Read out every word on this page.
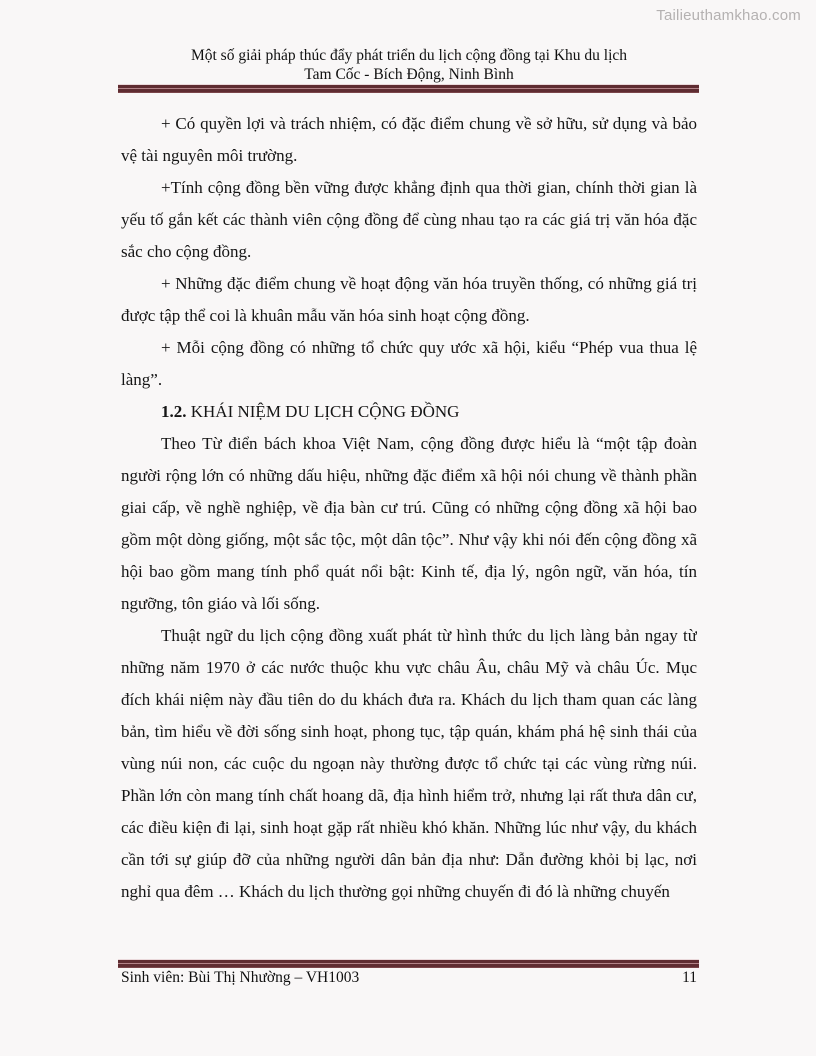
Tailieuthamkhao.com
Một số giải pháp thúc đẩy phát triển du lịch cộng đồng tại Khu du lịch
Tam Cốc - Bích Động, Ninh Bình

+ Có quyền lợi và trách nhiệm, có đặc điểm chung về sở hữu, sử dụng và bảo vệ tài nguyên môi trường.

+Tính cộng đồng bền vững được khẳng định qua thời gian, chính thời gian là yếu tố gắn kết các thành viên cộng đồng để cùng nhau tạo ra các giá trị văn hóa đặc sắc cho cộng đồng.

+ Những đặc điểm chung về hoạt động văn hóa truyền thống, có những giá trị được tập thể coi là khuân mẫu văn hóa sinh hoạt cộng đồng.

+ Mỗi cộng đồng có những tổ chức quy ước xã hội, kiểu “Phép vua thua lệ làng”.

1.2. KHÁI NIỆM DU LỊCH CỘNG ĐỒNG

Theo Từ điển bách khoa Việt Nam, cộng đồng được hiểu là “một tập đoàn người rộng lớn có những dấu hiệu, những đặc điểm xã hội nói chung về thành phần giai cấp, về nghề nghiệp, về địa bàn cư trú. Cũng có những cộng đồng xã hội bao gồm một dòng giống, một sắc tộc, một dân tộc”. Như vậy khi nói đến cộng đồng xã hội bao gồm mang tính phổ quát nổi bật: Kinh tế, địa lý, ngôn ngữ, văn hóa, tín ngưỡng, tôn giáo và lối sống.

Thuật ngữ du lịch cộng đồng xuất phát từ hình thức du lịch làng bản ngay từ những năm 1970 ở các nước thuộc khu vực châu Âu, châu Mỹ và châu Úc. Mục đích khái niệm này đầu tiên do du khách đưa ra. Khách du lịch tham quan các làng bản, tìm hiểu về đời sống sinh hoạt, phong tục, tập quán, khám phá hệ sinh thái của vùng núi non, các cuộc du ngoạn này thường được tổ chức tại các vùng rừng núi. Phần lớn còn mang tính chất hoang dã, địa hình hiểm trở, nhưng lại rất thưa dân cư, các điều kiện đi lại, sinh hoạt gặp rất nhiều khó khăn. Những lúc như vậy, du khách cần tới sự giúp đỡ của những người dân bản địa như: Dẫn đường khỏi bị lạc, nơi nghỉ qua đêm … Khách du lịch thường gọi những chuyến đi đó là những chuyến

Sinh viên: Bùi Thị Nhường – VH1003	11
